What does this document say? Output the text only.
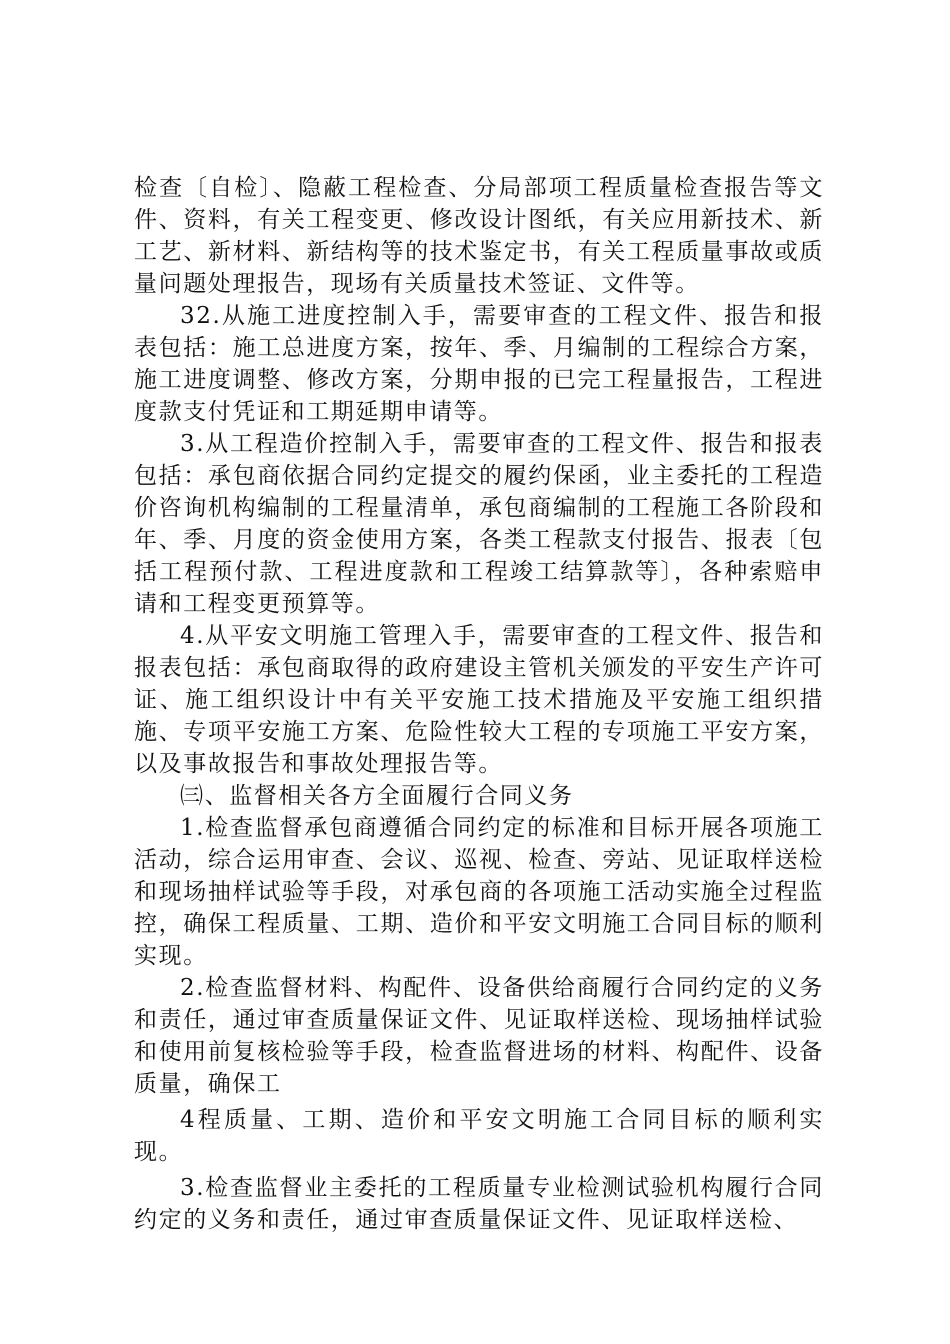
检查〔自检〕、隐蔽工程检查、分局部项工程质量检查报告等文件、资料，有关工程变更、修改设计图纸，有关应用新技术、新工艺、新材料、新结构等的技术鉴定书，有关工程质量事故或质量问题处理报告，现场有关质量技术签证、文件等。

32.从施工进度控制入手，需要审查的工程文件、报告和报表包括：施工总进度方案，按年、季、月编制的工程综合方案，施工进度调整、修改方案，分期申报的已完工程量报告，工程进度款支付凭证和工期延期申请等。

3.从工程造价控制入手，需要审查的工程文件、报告和报表包括：承包商依据合同约定提交的履约保函，业主委托的工程造价咨询机构编制的工程量清单，承包商编制的工程施工各阶段和年、季、月度的资金使用方案，各类工程款支付报告、报表〔包括工程预付款、工程进度款和工程竣工结算款等〕，各种索赔申请和工程变更预算等。

4.从平安文明施工管理入手，需要审查的工程文件、报告和报表包括：承包商取得的政府建设主管机关颁发的平安生产许可证、施工组织设计中有关平安施工技术措施及平安施工组织措施、专项平安施工方案、危险性较大工程的专项施工平安方案，以及事故报告和事故处理报告等。

㈢、监督相关各方全面履行合同义务

1.检查监督承包商遵循合同约定的标准和目标开展各项施工活动，综合运用审查、会议、巡视、检查、旁站、见证取样送检和现场抽样试验等手段，对承包商的各项施工活动实施全过程监控，确保工程质量、工期、造价和平安文明施工合同目标的顺利实现。

2.检查监督材料、构配件、设备供给商履行合同约定的义务和责任，通过审查质量保证文件、见证取样送检、现场抽样试验和使用前复核检验等手段，检查监督进场的材料、构配件、设备质量，确保工

4程质量、工期、造价和平安文明施工合同目标的顺利实现。

3.检查监督业主委托的工程质量专业检测试验机构履行合同约定的义务和责任，通过审查质量保证文件、见证取样送检、
